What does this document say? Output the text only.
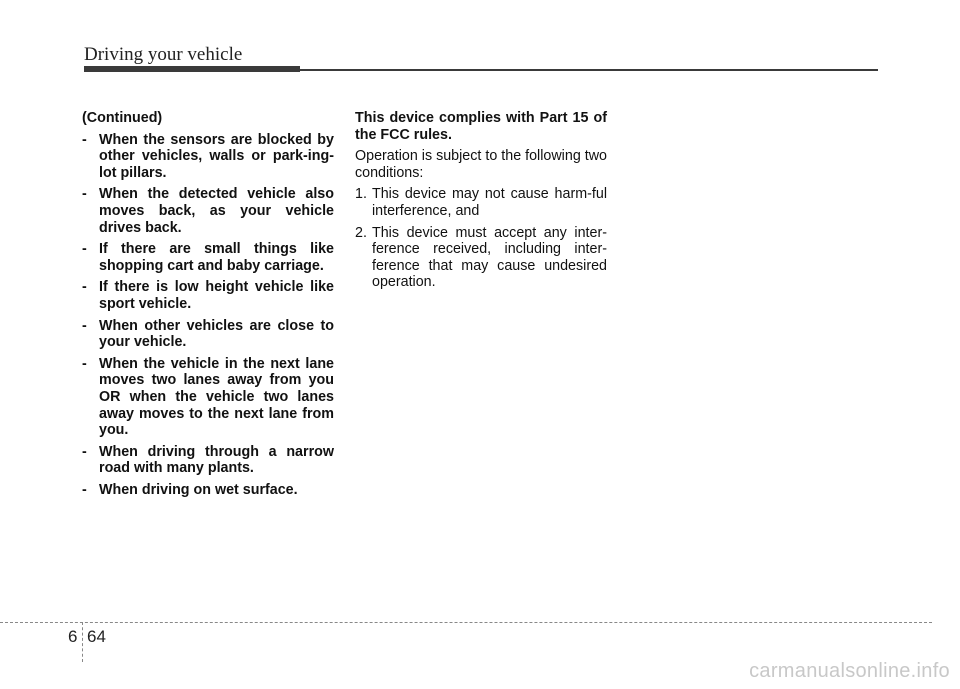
Driving your vehicle

(Continued)

- When the sensors are blocked by other vehicles, walls or park-ing-lot pillars.
- When the detected vehicle also moves back, as your vehicle drives back.
- If there are small things like shopping cart and baby carriage.
- If there is low height vehicle like sport vehicle.
- When other vehicles are close to your vehicle.
- When the vehicle in the next lane moves two lanes away from you OR when the vehicle two lanes away moves to the next lane from you.
- When driving through a narrow road with many plants.
- When driving on wet surface.

This device complies with Part 15 of the FCC rules.

Operation is subject to the following two conditions:

1. This device may not cause harm-ful interference, and
2. This device must accept any inter-ference received, including inter-ference that may cause undesired operation.
6 64
carmanualsonline.info
